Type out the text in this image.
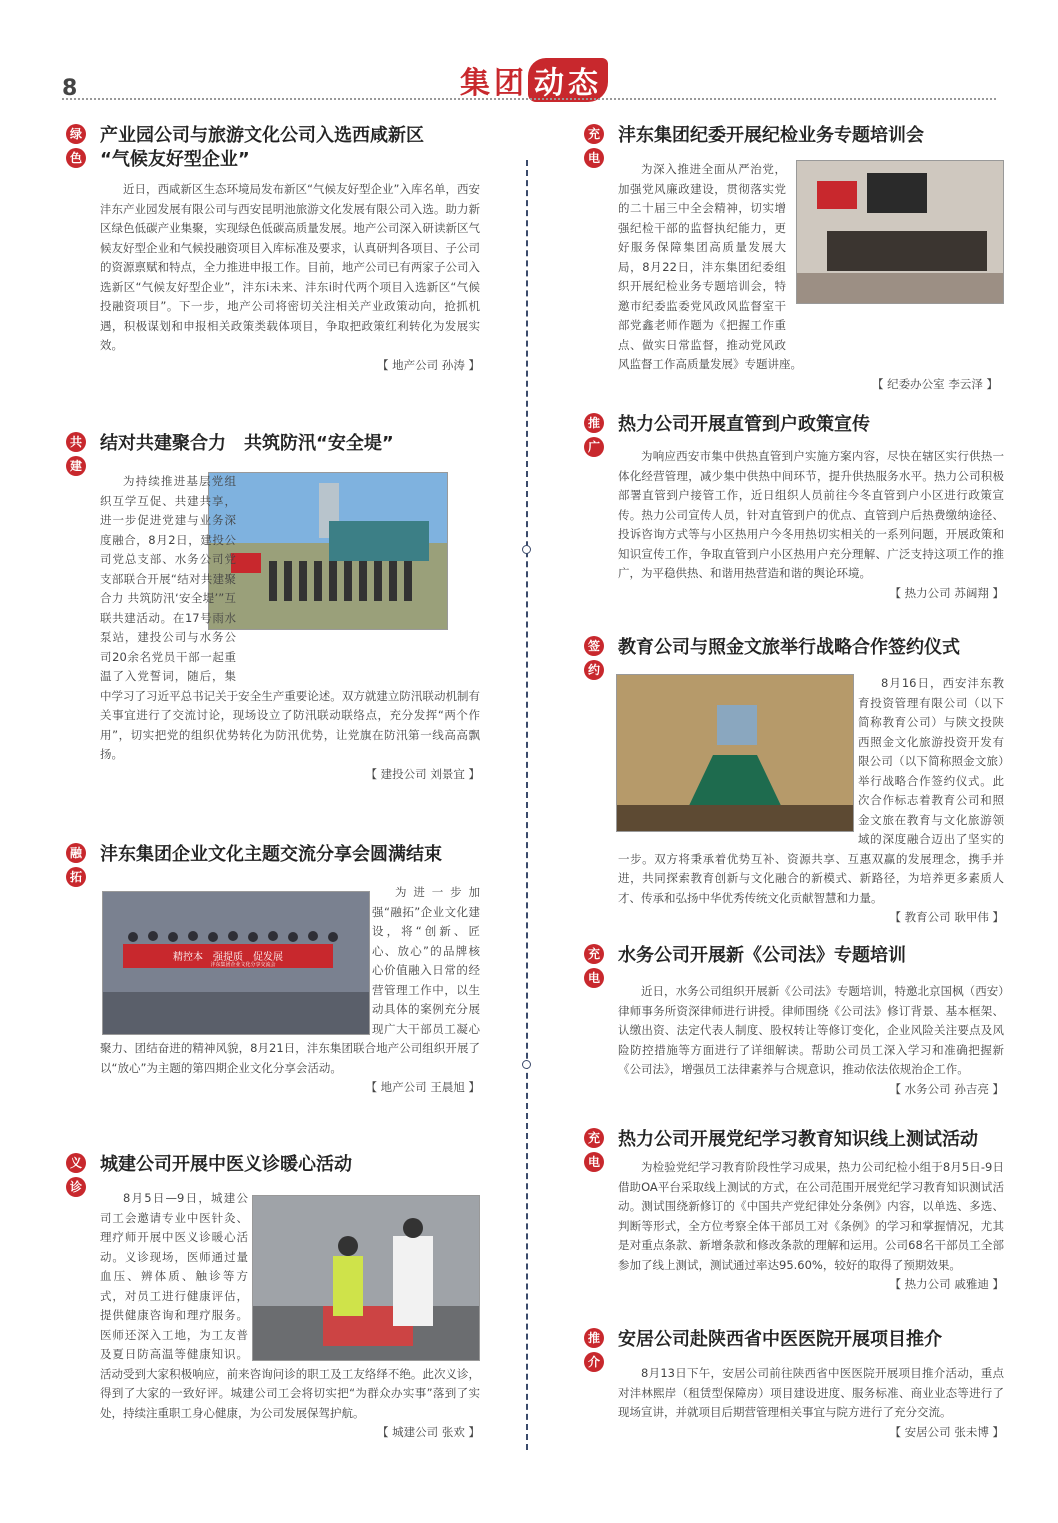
8	集团 动态
绿
色
产业园公司与旅游文化公司入选西咸新区
“气候友好型企业”

近日，西咸新区生态环境局发布新区“气候友好型企业”入库名单，西安沣东产业园发展有限公司与西安昆明池旅游文化发展有限公司入选。助力新区绿色低碳产业集聚，实现绿色低碳高质量发展。地产公司深入研读新区气候友好型企业和气候投融资项目入库标准及要求，认真研判各项目、子公司的资源禀赋和特点，全力推进申报工作。目前，地产公司已有两家子公司入选新区“气候友好型企业”，沣东i未来、沣东i时代两个项目入选新区“气候投融资项目”。下一步，地产公司将密切关注相关产业政策动向，抢抓机遇，积极谋划和申报相关政策类载体项目，争取把政策红利转化为发展实效。

【 地产公司 孙涛 】
共
建
结对共建聚合力　共筑防汛“安全堤”

为持续推进基层党组织互学互促、共建共享，进一步促进党建与业务深度融合，8月2日，建投公司党总支部、水务公司党支部联合开展“结对共建聚合力 共筑防汛‘安全堤’”互联共建活动。在17号雨水泵站，建投公司与水务公司20余名党员干部一起重温了入党誓词，随后，集中学习了习近平总书记关于安全生产重要论述。双方就建立防汛联动机制有关事宜进行了交流讨论，现场设立了防汛联动联络点，充分发挥“两个作用”，切实把党的组织优势转化为防汛优势，让党旗在防汛第一线高高飘扬。

【 建投公司 刘景宜 】
融
拓
沣东集团企业文化主题交流分享会圆满结束
精控本　强提质　促发展
沣东集团企业文化分享交流会

为进一步加强“融拓”企业文化建设，将“创新、匠心、放心”的品牌核心价值融入日常的经营管理工作中，以生动具体的案例充分展现广大干部员工凝心聚力、团结奋进的精神风貌，8月21日，沣东集团联合地产公司组织开展了以“放心”为主题的第四期企业文化分享会活动。

【 地产公司 王晨旭 】
义
诊
城建公司开展中医义诊暖心活动

8月5日—9日，城建公司工会邀请专业中医针灸、理疗师开展中医义诊暖心活动。义诊现场，医师通过量血压、辨体质、触诊等方式，对员工进行健康评估，提供健康咨询和理疗服务。医师还深入工地，为工友普及夏日防高温等健康知识。活动受到大家积极响应，前来咨询问诊的职工及工友络绎不绝。此次义诊，得到了大家的一致好评。城建公司工会将切实把“为群众办实事”落到了实处，持续注重职工身心健康，为公司发展保驾护航。

【 城建公司 张欢 】
充
电
沣东集团纪委开展纪检业务专题培训会

为深入推进全面从严治党，加强党风廉政建设，贯彻落实党的二十届三中全会精神，切实增强纪检干部的监督执纪能力，更好服务保障集团高质量发展大局，8月22日，沣东集团纪委组织开展纪检业务专题培训会，特邀市纪委监委党风政风监督室干部党鑫老师作题为《把握工作重点、做实日常监督，推动党风政风监督工作高质量发展》专题讲座。

【 纪委办公室 李云泽 】
推
广
热力公司开展直管到户政策宣传

为响应西安市集中供热直管到户实施方案内容，尽快在辖区实行供热一体化经营管理，减少集中供热中间环节，提升供热服务水平。热力公司积极部署直管到户接管工作，近日组织人员前往今冬直管到户小区进行政策宣传。热力公司宣传人员，针对直管到户的优点、直管到户后热费缴纳途径、投诉咨询方式等与小区热用户今冬用热切实相关的一系列问题，开展政策和知识宣传工作，争取直管到户小区热用户充分理解、广泛支持这项工作的推广，为平稳供热、和谐用热营造和谐的舆论环境。

【 热力公司 苏阔翔 】
签
约
教育公司与照金文旅举行战略合作签约仪式

8月16日，西安沣东教育投资管理有限公司（以下简称教育公司）与陕文投陕西照金文化旅游投资开发有限公司（以下简称照金文旅）举行战略合作签约仪式。此次合作标志着教育公司和照金文旅在教育与文化旅游领域的深度融合迈出了坚实的一步。双方将秉承着优势互补、资源共享、互惠双赢的发展理念，携手并进，共同探索教育创新与文化融合的新模式、新路径，为培养更多素质人才、传承和弘扬中华优秀传统文化贡献智慧和力量。

【 教育公司 耿甲伟 】
充
电
水务公司开展新《公司法》专题培训

近日，水务公司组织开展新《公司法》专题培训，特邀北京国枫（西安）律师事务所资深律师进行讲授。律师围绕《公司法》修订背景、基本框架、认缴出资、法定代表人制度、股权转让等修订变化，企业风险关注要点及风险防控措施等方面进行了详细解读。帮助公司员工深入学习和准确把握新《公司法》，增强员工法律素养与合规意识，推动依法依规治企工作。

【 水务公司 孙吉亮 】
充
电
热力公司开展党纪学习教育知识线上测试活动

为检验党纪学习教育阶段性学习成果，热力公司纪检小组于8月5日-9日借助OA平台采取线上测试的方式，在公司范围开展党纪学习教育知识测试活动。测试围绕新修订的《中国共产党纪律处分条例》内容，以单选、多选、判断等形式，全方位考察全体干部员工对《条例》的学习和掌握情况，尤其是对重点条款、新增条款和修改条款的理解和运用。公司68名干部员工全部参加了线上测试，测试通过率达95.60%，较好的取得了预期效果。

【 热力公司 戚雅迪 】
推
介
安居公司赴陕西省中医医院开展项目推介

8月13日下午，安居公司前往陕西省中医医院开展项目推介活动，重点对沣林熙岸（租赁型保障房）项目建设进度、服务标准、商业业态等进行了现场宣讲，并就项目后期营管理相关事宜与院方进行了充分交流。

【 安居公司 张未博 】
